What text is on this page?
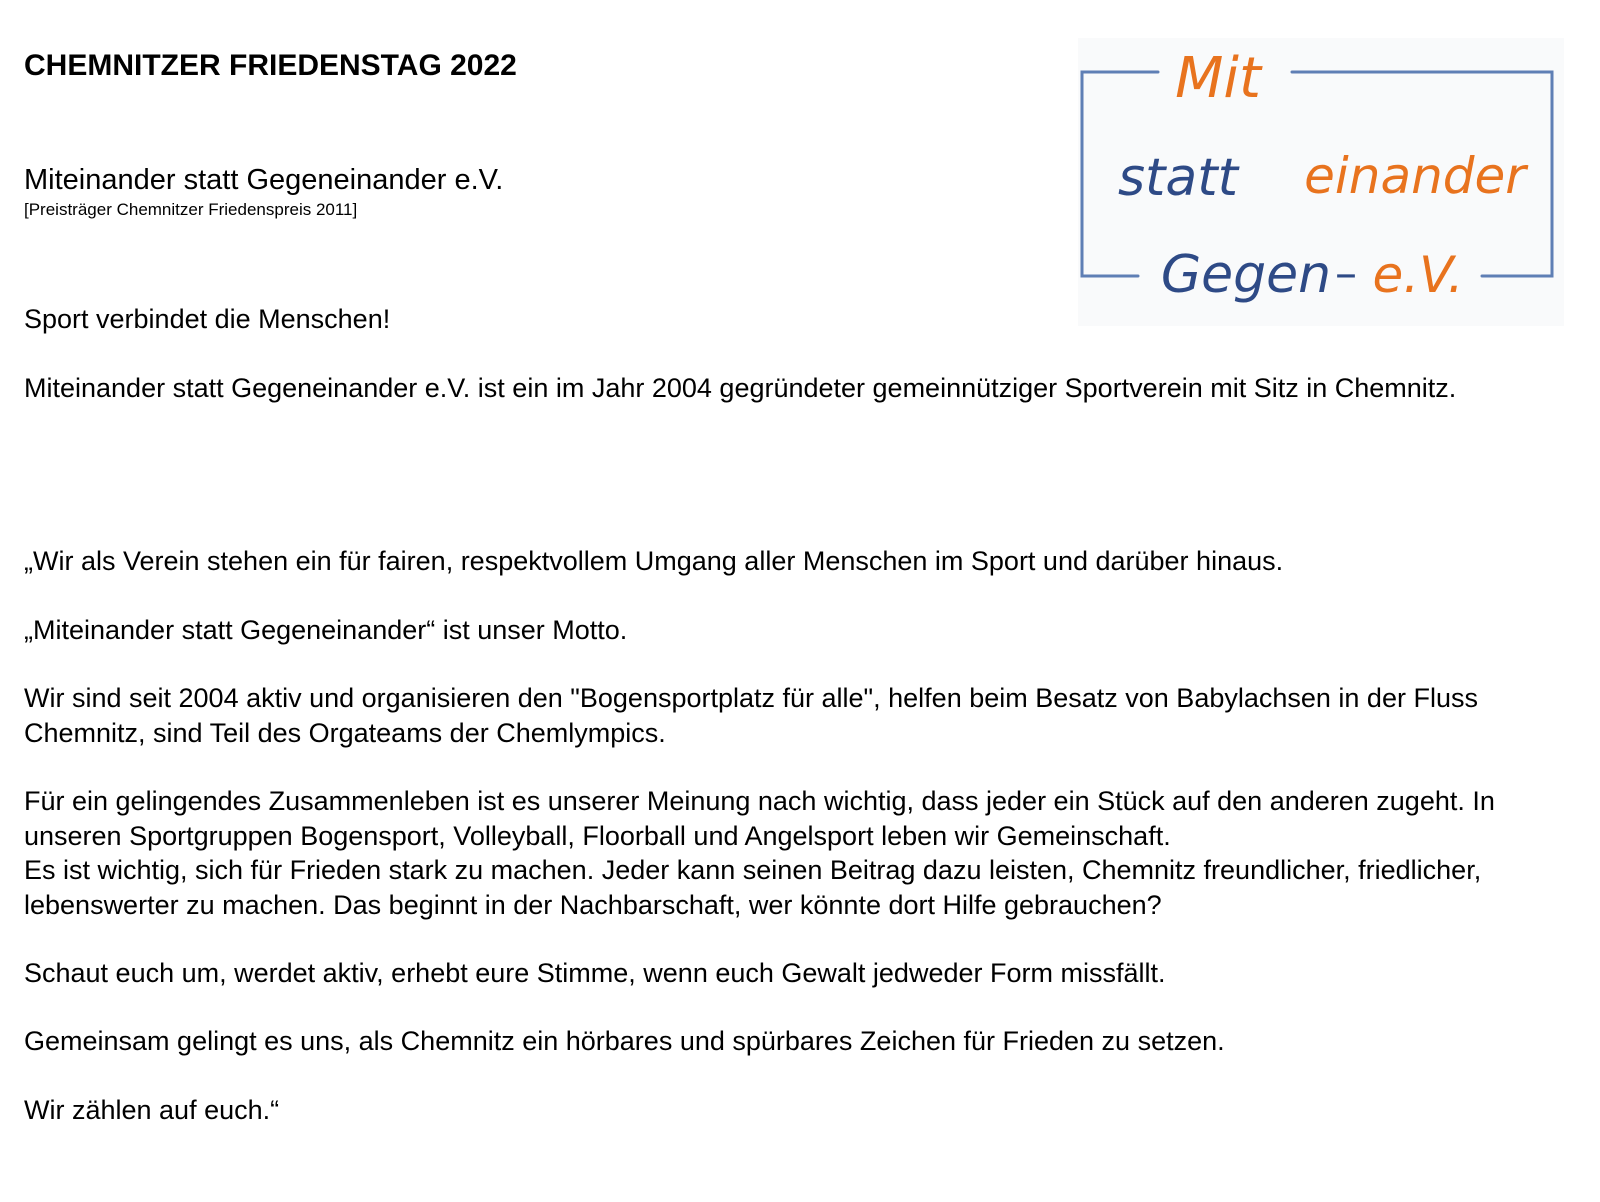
CHEMNITZER FRIEDENSTAG 2022
Miteinander statt Gegeneinander e.V.
[Preisträger Chemnitzer Friedenspreis 2011]
Mit
statt einander
Gegen – e.V.

Sport verbindet die Menschen!

Miteinander statt Gegeneinander e.V. ist ein im Jahr 2004 gegründeter gemeinnütziger Sportverein mit Sitz in Chemnitz.

„Wir als Verein stehen ein für fairen, respektvollem Umgang aller Menschen im Sport und darüber hinaus.

„Miteinander statt Gegeneinander“ ist unser Motto.

Wir sind seit 2004 aktiv und organisieren den "Bogensportplatz für alle", helfen beim Besatz von Babylachsen in der Fluss Chemnitz, sind Teil des Orgateams der Chemlympics.

Für ein gelingendes Zusammenleben ist es unserer Meinung nach wichtig, dass jeder ein Stück auf den anderen zugeht. In unseren Sportgruppen Bogensport, Volleyball, Floorball und Angelsport leben wir Gemeinschaft.

Es ist wichtig, sich für Frieden stark zu machen. Jeder kann seinen Beitrag dazu leisten, Chemnitz freundlicher, friedlicher, lebenswerter zu machen. Das beginnt in der Nachbarschaft, wer könnte dort Hilfe gebrauchen?

Schaut euch um, werdet aktiv, erhebt eure Stimme, wenn euch Gewalt jedweder Form missfällt.

Gemeinsam gelingt es uns, als Chemnitz ein hörbares und spürbares Zeichen für Frieden zu setzen.

Wir zählen auf euch.“
